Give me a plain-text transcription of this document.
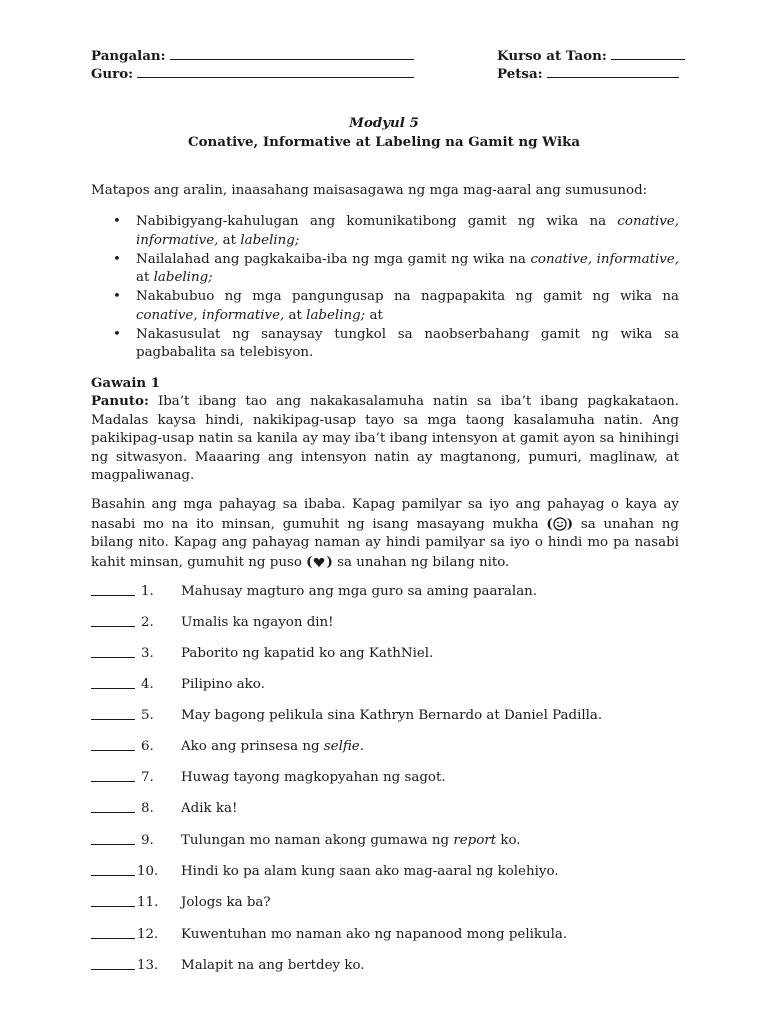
Pangalan:
Guro:
Kurso at Taon:
Petsa:
Modyul 5
Conative, Informative at Labeling na Gamit ng Wika
Matapos ang aralin, inaasahang maisasagawa ng mga mag-aaral ang sumusunod:
• Nabibigyang-kahulugan ang komunikatibong gamit ng wika na conative, informative, at labeling;
• Nailalahad ang pagkakaiba-iba ng mga gamit ng wika na conative, informative, at labeling;
• Nakabubuo ng mga pangungusap na nagpapakita ng gamit ng wika na conative, informative, at labeling; at
• Nakasusulat ng sanaysay tungkol sa naobserbahang gamit ng wika sa pagbabalita sa telebisyon.
Gawain 1
Panuto: Iba’t ibang tao ang nakakasalamuha natin sa iba’t ibang pagkakataon. Madalas kaysa hindi, nakikipag-usap tayo sa mga taong kasalamuha natin. Ang pakikipag-usap natin sa kanila ay may iba’t ibang intensyon at gamit ayon sa hinihingi ng sitwasyon. Maaaring ang intensyon natin ay magtanong, pumuri, maglinaw, at magpaliwanag.
Basahin ang mga pahayag sa ibaba. Kapag pamilyar sa iyo ang pahayag o kaya ay nasabi mo na ito minsan, gumuhit ng isang masayang mukha ( ) sa unahan ng bilang nito. Kapag ang pahayag naman ay hindi pamilyar sa iyo o hindi mo pa nasabi kahit minsan, gumuhit ng puso ( ) sa unahan ng bilang nito.
1. Mahusay magturo ang mga guro sa aming paaralan.
2. Umalis ka ngayon din!
3. Paborito ng kapatid ko ang KathNiel.
4. Pilipino ako.
5. May bagong pelikula sina Kathryn Bernardo at Daniel Padilla.
6. Ako ang prinsesa ng selfie.
7. Huwag tayong magkopyahan ng sagot.
8. Adik ka!
9. Tulungan mo naman akong gumawa ng report ko.
10. Hindi ko pa alam kung saan ako mag-aaral ng kolehiyo.
11. Jologs ka ba?
12. Kuwentuhan mo naman ako ng napanood mong pelikula.
13. Malapit na ang bertdey ko.
